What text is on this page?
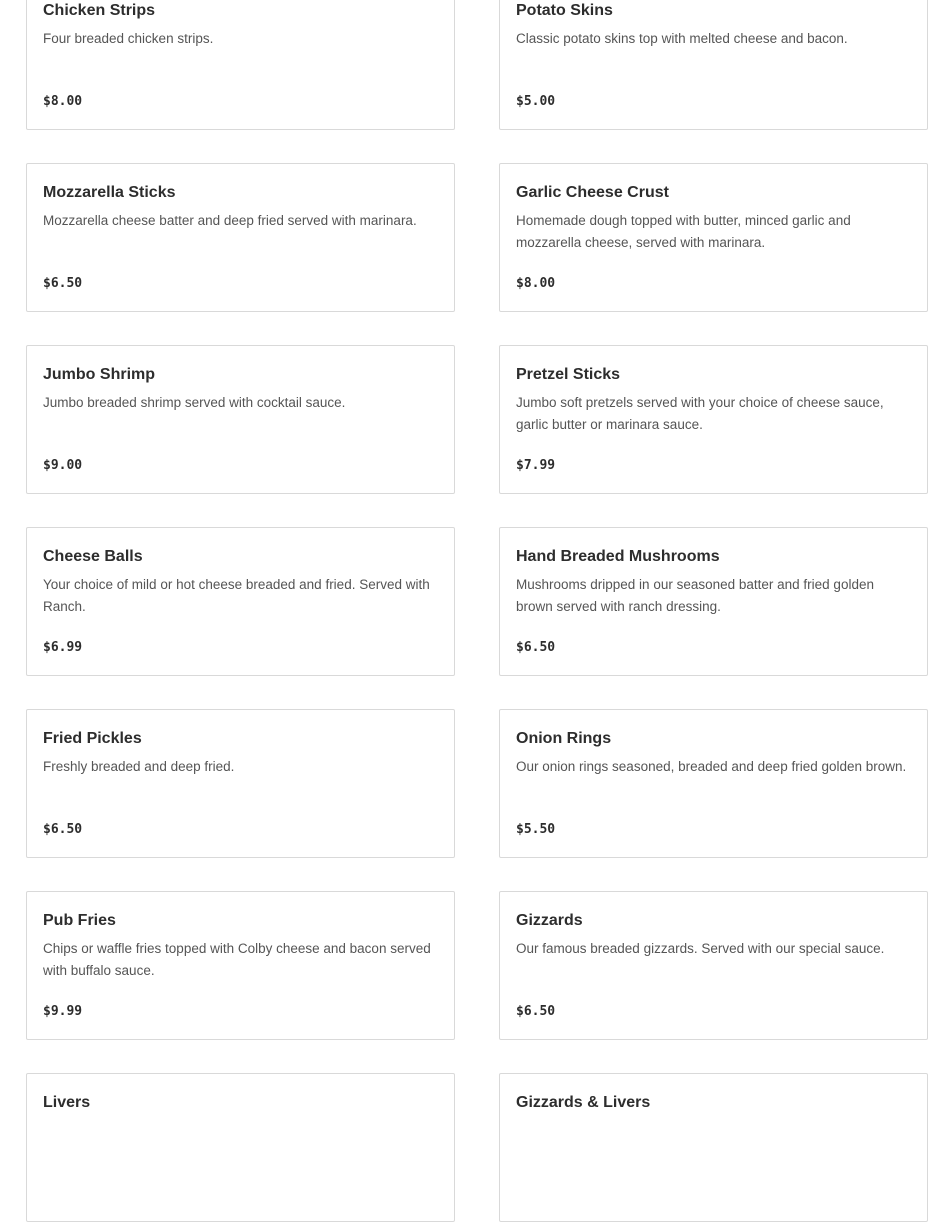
Chicken Strips
Four breaded chicken strips.
$8.00
Potato Skins
Classic potato skins top with melted cheese and bacon.
$5.00
Mozzarella Sticks
Mozzarella cheese batter and deep fried served with marinara.
$6.50
Garlic Cheese Crust
Homemade dough topped with butter, minced garlic and mozzarella cheese, served with marinara.
$8.00
Jumbo Shrimp
Jumbo breaded shrimp served with cocktail sauce.
$9.00
Pretzel Sticks
Jumbo soft pretzels served with your choice of cheese sauce, garlic butter or marinara sauce.
$7.99
Cheese Balls
Your choice of mild or hot cheese breaded and fried. Served with Ranch.
$6.99
Hand Breaded Mushrooms
Mushrooms dripped in our seasoned batter and fried golden brown served with ranch dressing.
$6.50
Fried Pickles
Freshly breaded and deep fried.
$6.50
Onion Rings
Our onion rings seasoned, breaded and deep fried golden brown.
$5.50
Pub Fries
Chips or waffle fries topped with Colby cheese and bacon served with buffalo sauce.
$9.99
Gizzards
Our famous breaded gizzards. Served with our special sauce.
$6.50
Livers	Gizzards & Livers
